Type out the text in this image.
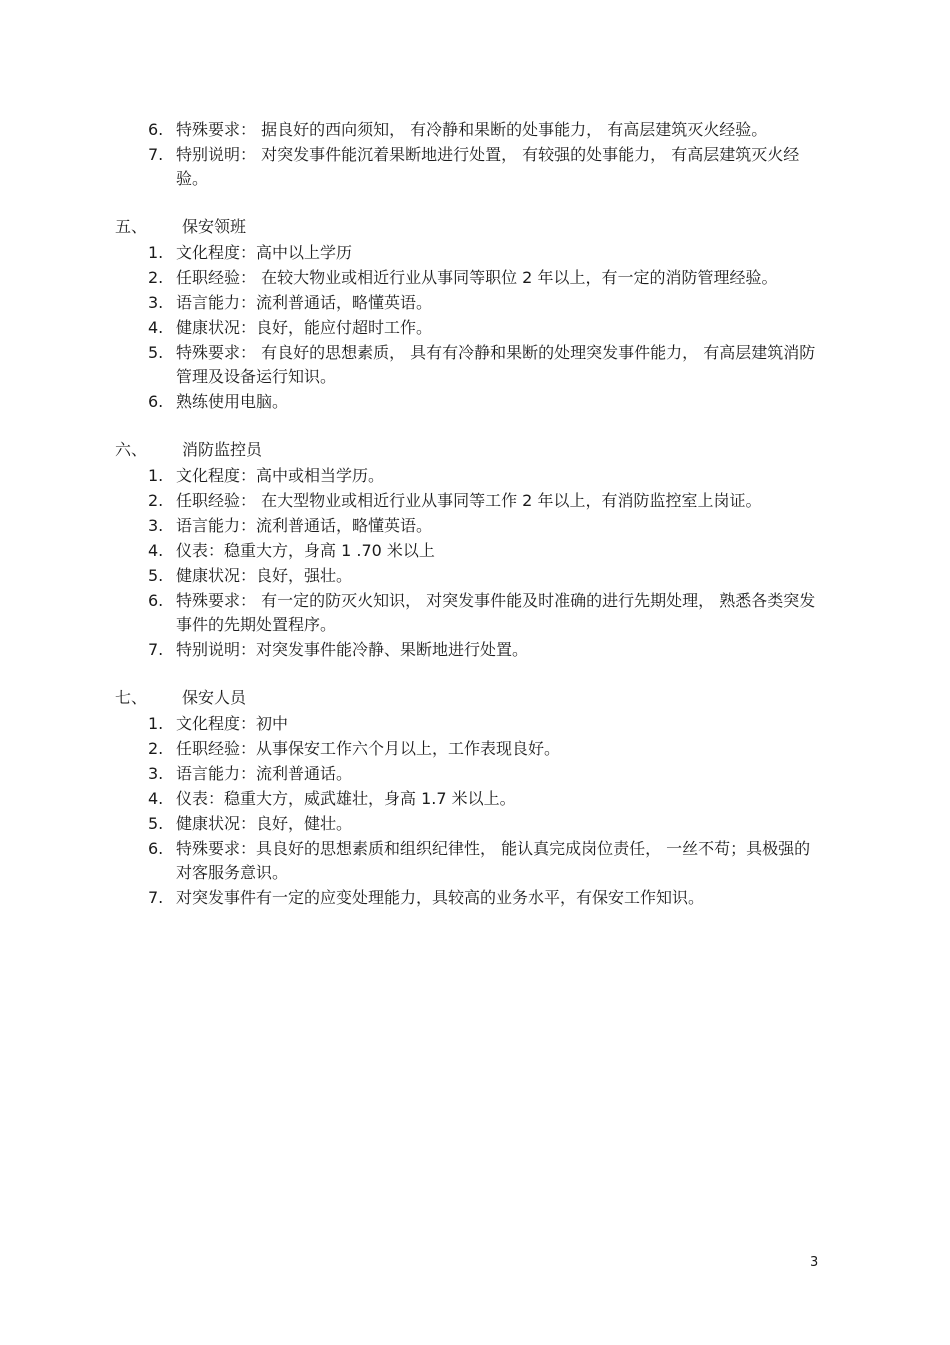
6. 特殊要求： 据良好的西向须知， 有冷静和果断的处事能力， 有高层建筑灭火经验。
7. 特别说明： 对突发事件能沉着果断地进行处置， 有较强的处事能力， 有高层建筑灭火经验。
五、 保安领班
1. 文化程度：高中以上学历
2. 任职经验： 在较大物业或相近行业从事同等职位 2 年以上，有一定的消防管理经验。
3. 语言能力：流利普通话，略懂英语。
4. 健康状况：良好，能应付超时工作。
5. 特殊要求： 有良好的思想素质， 具有有冷静和果断的处理突发事件能力， 有高层建筑消防管理及设备运行知识。
6. 熟练使用电脑。
六、 消防监控员
1. 文化程度：高中或相当学历。
2. 任职经验： 在大型物业或相近行业从事同等工作 2 年以上，有消防监控室上岗证。
3. 语言能力：流利普通话，略懂英语。
4. 仪表：稳重大方，身高 1 .70 米以上
5. 健康状况：良好，强壮。
6. 特殊要求： 有一定的防灭火知识， 对突发事件能及时准确的进行先期处理， 熟悉各类突发事件的先期处置程序。
7. 特别说明：对突发事件能冷静、果断地进行处置。
七、 保安人员
1. 文化程度：初中
2. 任职经验：从事保安工作六个月以上，工作表现良好。
3. 语言能力：流利普通话。
4. 仪表：稳重大方，威武雄壮，身高 1.7 米以上。
5. 健康状况：良好，健壮。
6. 特殊要求：具良好的思想素质和组织纪律性， 能认真完成岗位责任， 一丝不苟；具极强的对客服务意识。
7. 对突发事件有一定的应变处理能力，具较高的业务水平，有保安工作知识。
3
